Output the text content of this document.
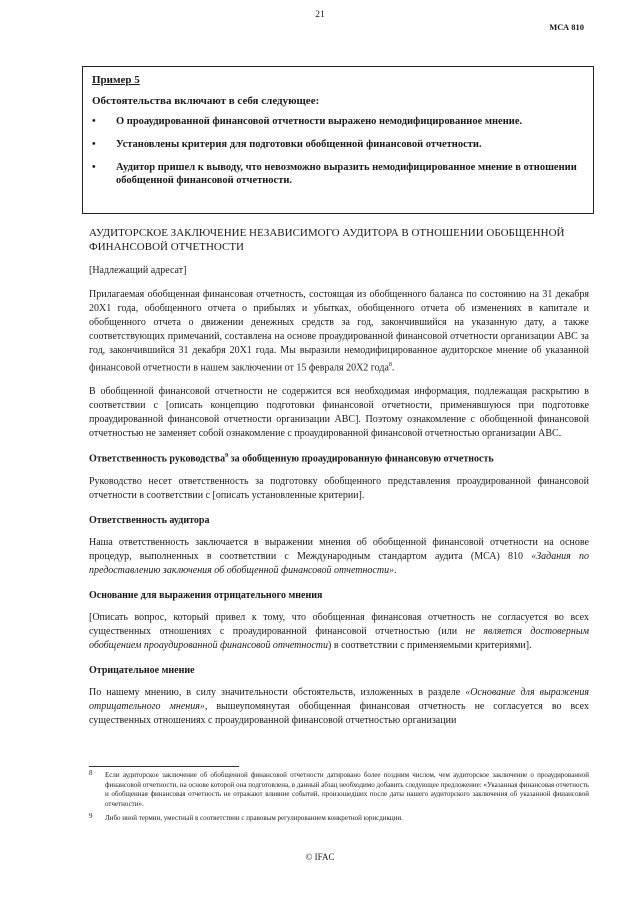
21
МСА 810
Пример 5
Обстоятельства включают в себя следующее:
• О проаудированной финансовой отчетности выражено немодифицированное мнение.
• Установлены критерия для подготовки обобщенной финансовой отчетности.
• Аудитор пришел к выводу, что невозможно выразить немодифицированное мнение в отношении обобщенной финансовой отчетности.
АУДИТОРСКОЕ ЗАКЛЮЧЕНИЕ НЕЗАВИСИМОГО АУДИТОРА В ОТНОШЕНИИ ОБОБЩЕННОЙ ФИНАНСОВОЙ ОТЧЕТНОСТИ

[Надлежащий адресат]

Прилагаемая обобщенная финансовая отчетность, состоящая из обобщенного баланса по состоянию на 31 декабря 20X1 года, обобщенного отчета о прибылях и убытках, обобщенного отчета об изменениях в капитале и обобщенного отчета о движении денежных средств за год, закончившийся на указанную дату, а также соответствующих примечаний, составлена на основе проаудированной финансовой отчетности организации ABC за год, закончившийся 31 декабря 20X1 года. Мы выразили немодифицированное аудиторское мнение об указанной финансовой отчетности в нашем заключении от 15 февраля 20X2 года$^8$.

В обобщенной финансовой отчетности не содержится вся необходимая информация, подлежащая раскрытию в соответствии с [описать концепцию подготовки финансовой отчетности, применявшуюся при подготовке проаудированной финансовой отчетности организации ABC]. Поэтому ознакомление с обобщенной финансовой отчетностью не заменяет собой ознакомление с проаудированной финансовой отчетностью организации ABC.

Ответственность руководства$^9$ за обобщенную проаудированную финансовую отчетность

Руководство несет ответственность за подготовку обобщенного представления проаудированной финансовой отчетности в соответствии с [описать установленные критерии].

Ответственность аудитора

Наша ответственность заключается в выражении мнения об обобщенной финансовой отчетности на основе процедур, выполненных в соответствии с Международным стандартом аудита (МСА) 810 «Задания по предоставлению заключения об обобщенной финансовой отчетности».

Основание для выражения отрицательного мнения

[Описать вопрос, который привел к тому, что обобщенная финансовая отчетность не согласуется во всех существенных отношениях с проаудированной финансовой отчетностью (или не является достоверным обобщением проаудированной финансовой отчетности) в соответствии с применяемыми критериями].

Отрицательное мнение

По нашему мнению, в силу значительности обстоятельств, изложенных в разделе «Основание для выражения отрицательного мнения», вышеупомянутая обобщенная финансовая отчетность не согласуется во всех существенных отношениях с проаудированной финансовой отчетностью организации

8 Если аудиторское заключение об обобщенной финансовой отчетности датировано более поздним числом, чем аудиторское заключение о проаудированной финансовой отчетности, на основе которой она подготовлена, в данный абзац необходимо добавить следующее предложение: «Указанная финансовая отчетность и обобщенная финансовая отчетность не отражают влияние событий, произошедших после даты нашего аудиторского заключения об указанной финансовой отчетности».
9 Либо иной термин, уместный в соответствии с правовым регулированием конкретной юрисдикции.
© IFAC
